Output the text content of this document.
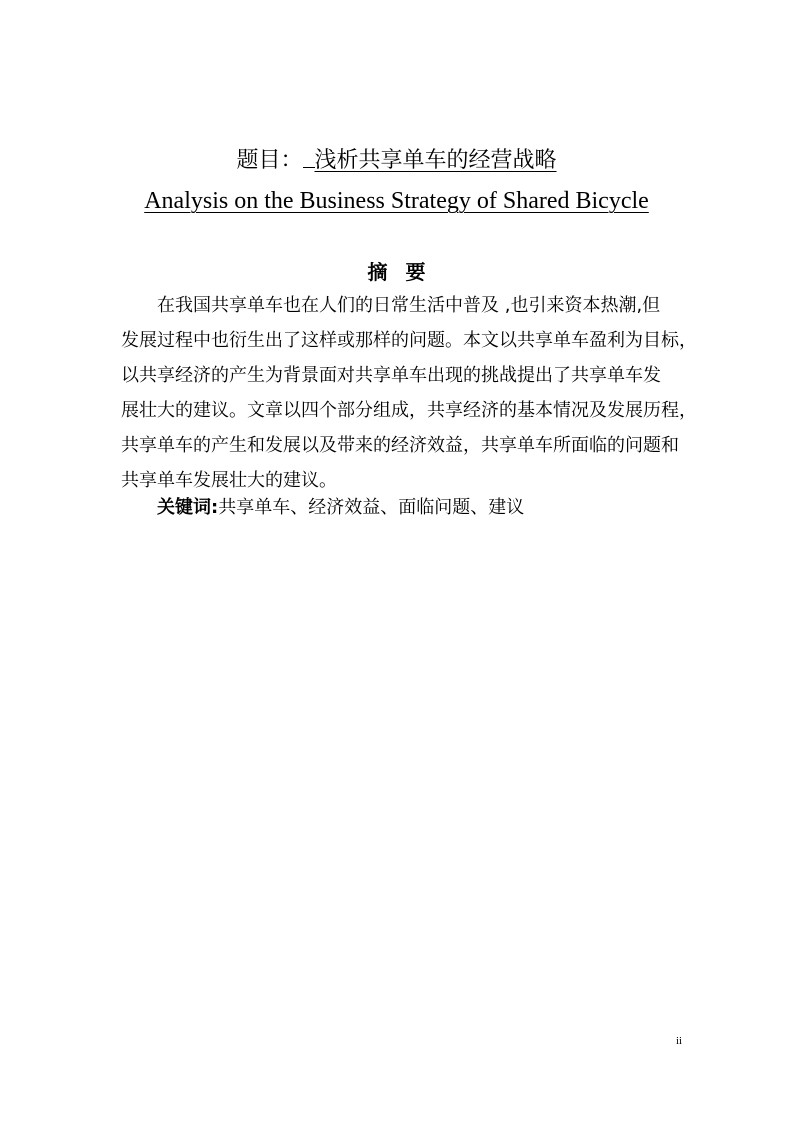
题目： 浅析共享单车的经营战略
Analysis on the Business Strategy of Shared Bicycle
摘要
在我国共享单车也在人们的日常生活中普及 ,也引来资本热潮,但
发展过程中也衍生出了这样或那样的问题。本文以共享单车盈利为目标，
以共享经济的产生为背景面对共享单车出现的挑战提出了共享单车发
展壮大的建议。文章以四个部分组成，共享经济的基本情况及发展历程，
共享单车的产生和发展以及带来的经济效益，共享单车所面临的问题和
共享单车发展壮大的建议。
关键词:共享单车、经济效益、面临问题、建议
ii
